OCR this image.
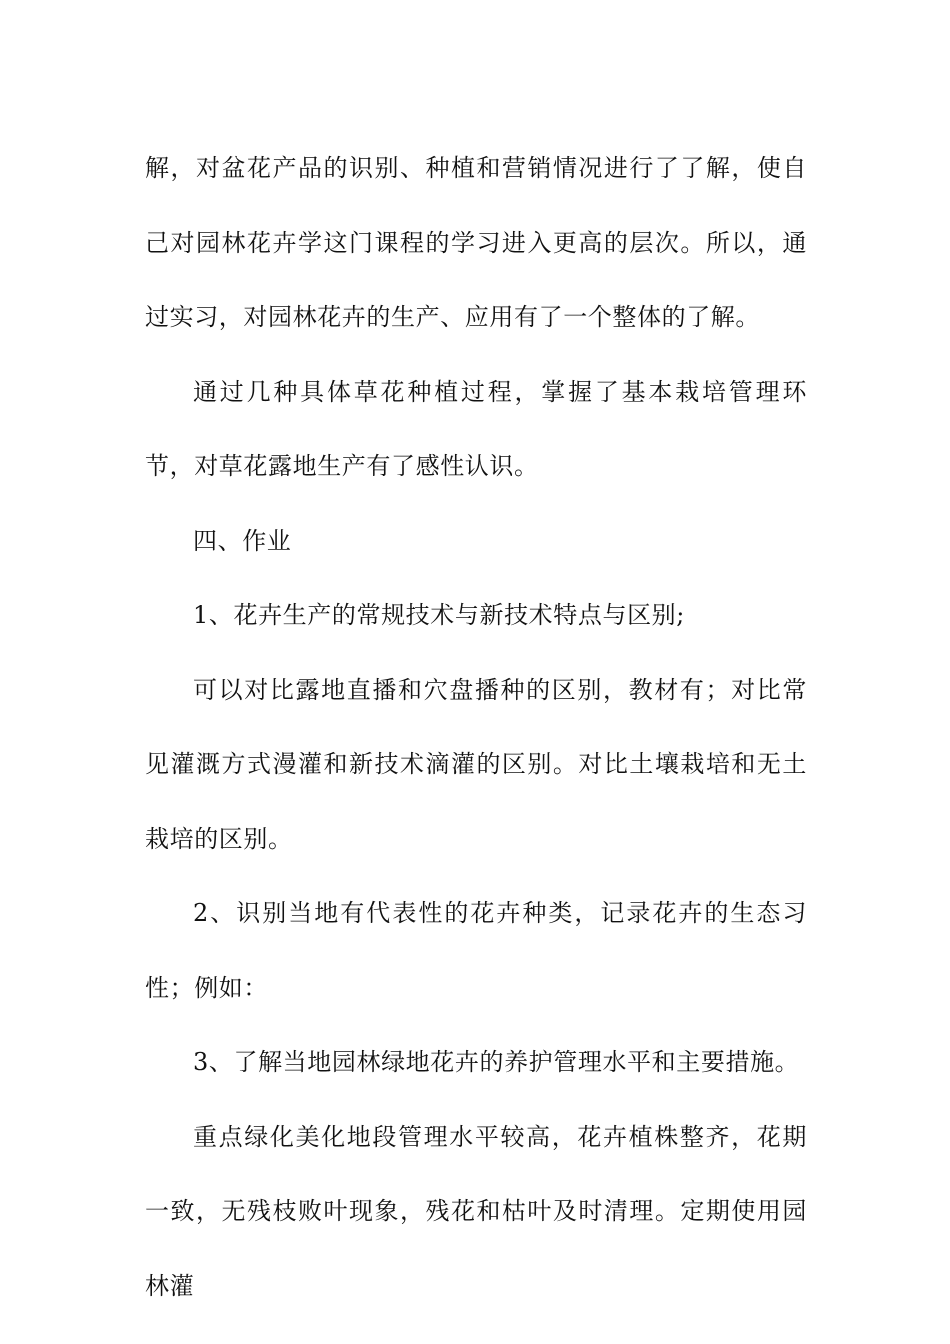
解，对盆花产品的识别、种植和营销情况进行了了解，使自己对园林花卉学这门课程的学习进入更高的层次。所以，通过实习，对园林花卉的生产、应用有了一个整体的了解。

通过几种具体草花种植过程，掌握了基本栽培管理环节，对草花露地生产有了感性认识。

四、作业

1、花卉生产的常规技术与新技术特点与区别;

可以对比露地直播和穴盘播种的区别，教材有；对比常见灌溉方式漫灌和新技术滴灌的区别。对比土壤栽培和无土栽培的区别。

2、识别当地有代表性的花卉种类，记录花卉的生态习性；例如：

3、了解当地园林绿地花卉的养护管理水平和主要措施。

重点绿化美化地段管理水平较高，花卉植株整齐，花期一致，无残枝败叶现象，残花和枯叶及时清理。定期使用园林灌
